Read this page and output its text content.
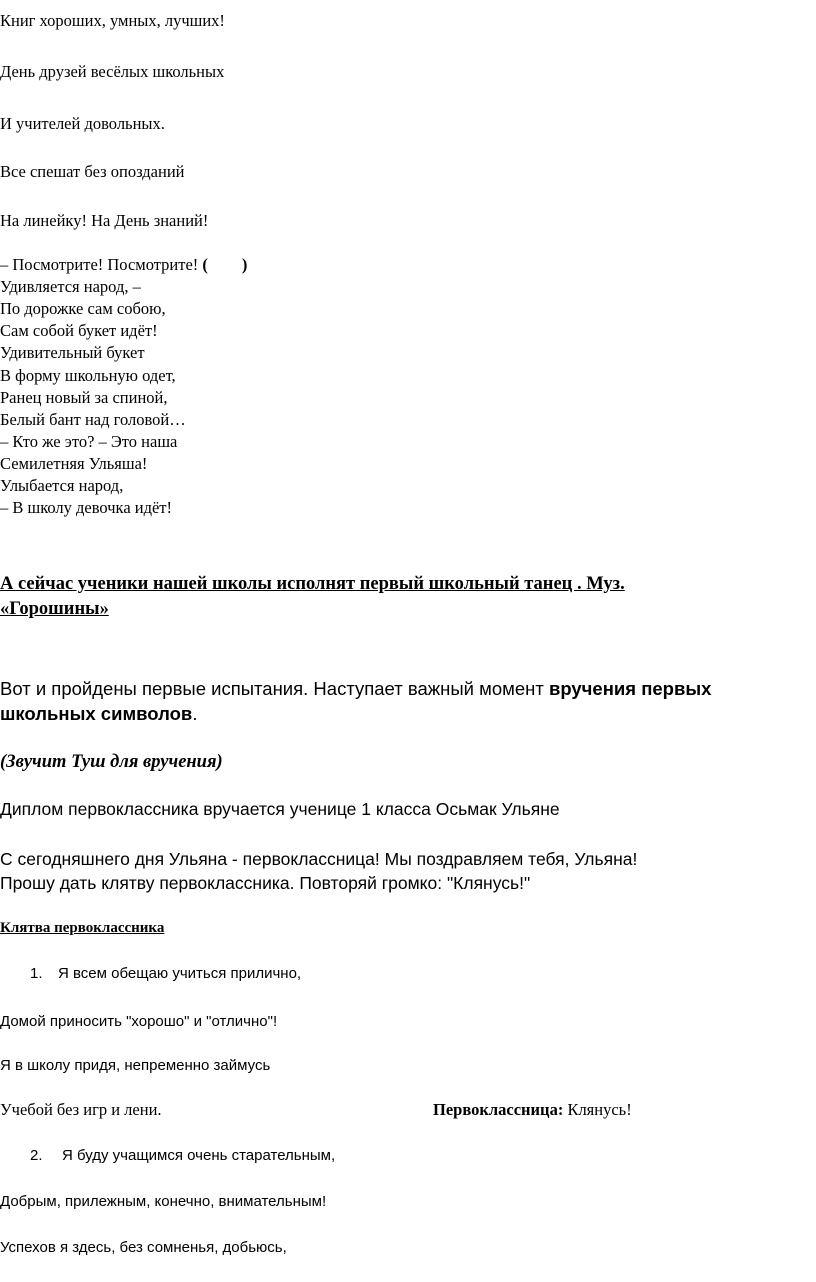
Книг хороших, умных, лучших!
День друзей весёлых школьных
И учителей довольных.
Все спешат без опозданий
На линейку! На День знаний!
– Посмотрите! Посмотрите! ( )
Удивляется народ, –
По дорожке сам собою,
Сам собой букет идёт!
Удивительный букет
В форму школьную одет,
Ранец новый за спиной,
Белый бант над головой…
– Кто же это? – Это наша
Семилетняя Ульяша!
Улыбается народ,
– В школу девочка идёт!
А сейчас ученики нашей школы исполнят первый школьный танец . Муз.
«Горошины»
Вот и пройдены первые испытания. Наступает важный момент вручения первых
школьных символов.
(Звучит Туш для вручения)
Диплом первоклассника вручается ученице 1 класса Осьмак Ульяне
С сегодняшнего дня Ульяна - первоклассница! Мы поздравляем тебя, Ульяна!
Прошу дать клятву первоклассника. Повторяй громко: "Клянусь!"
Клятва первоклассника
1. Я всем обещаю учиться прилично,
Домой приносить "хорошо" и "отлично"!
Я в школу придя, непременно займусь
Учебой без игр и лени.	Первоклассница: Клянусь!
2. Я буду учащимся очень старательным,
Добрым, прилежным, конечно, внимательным!
Успехов я здесь, без сомненья, добьюсь,
